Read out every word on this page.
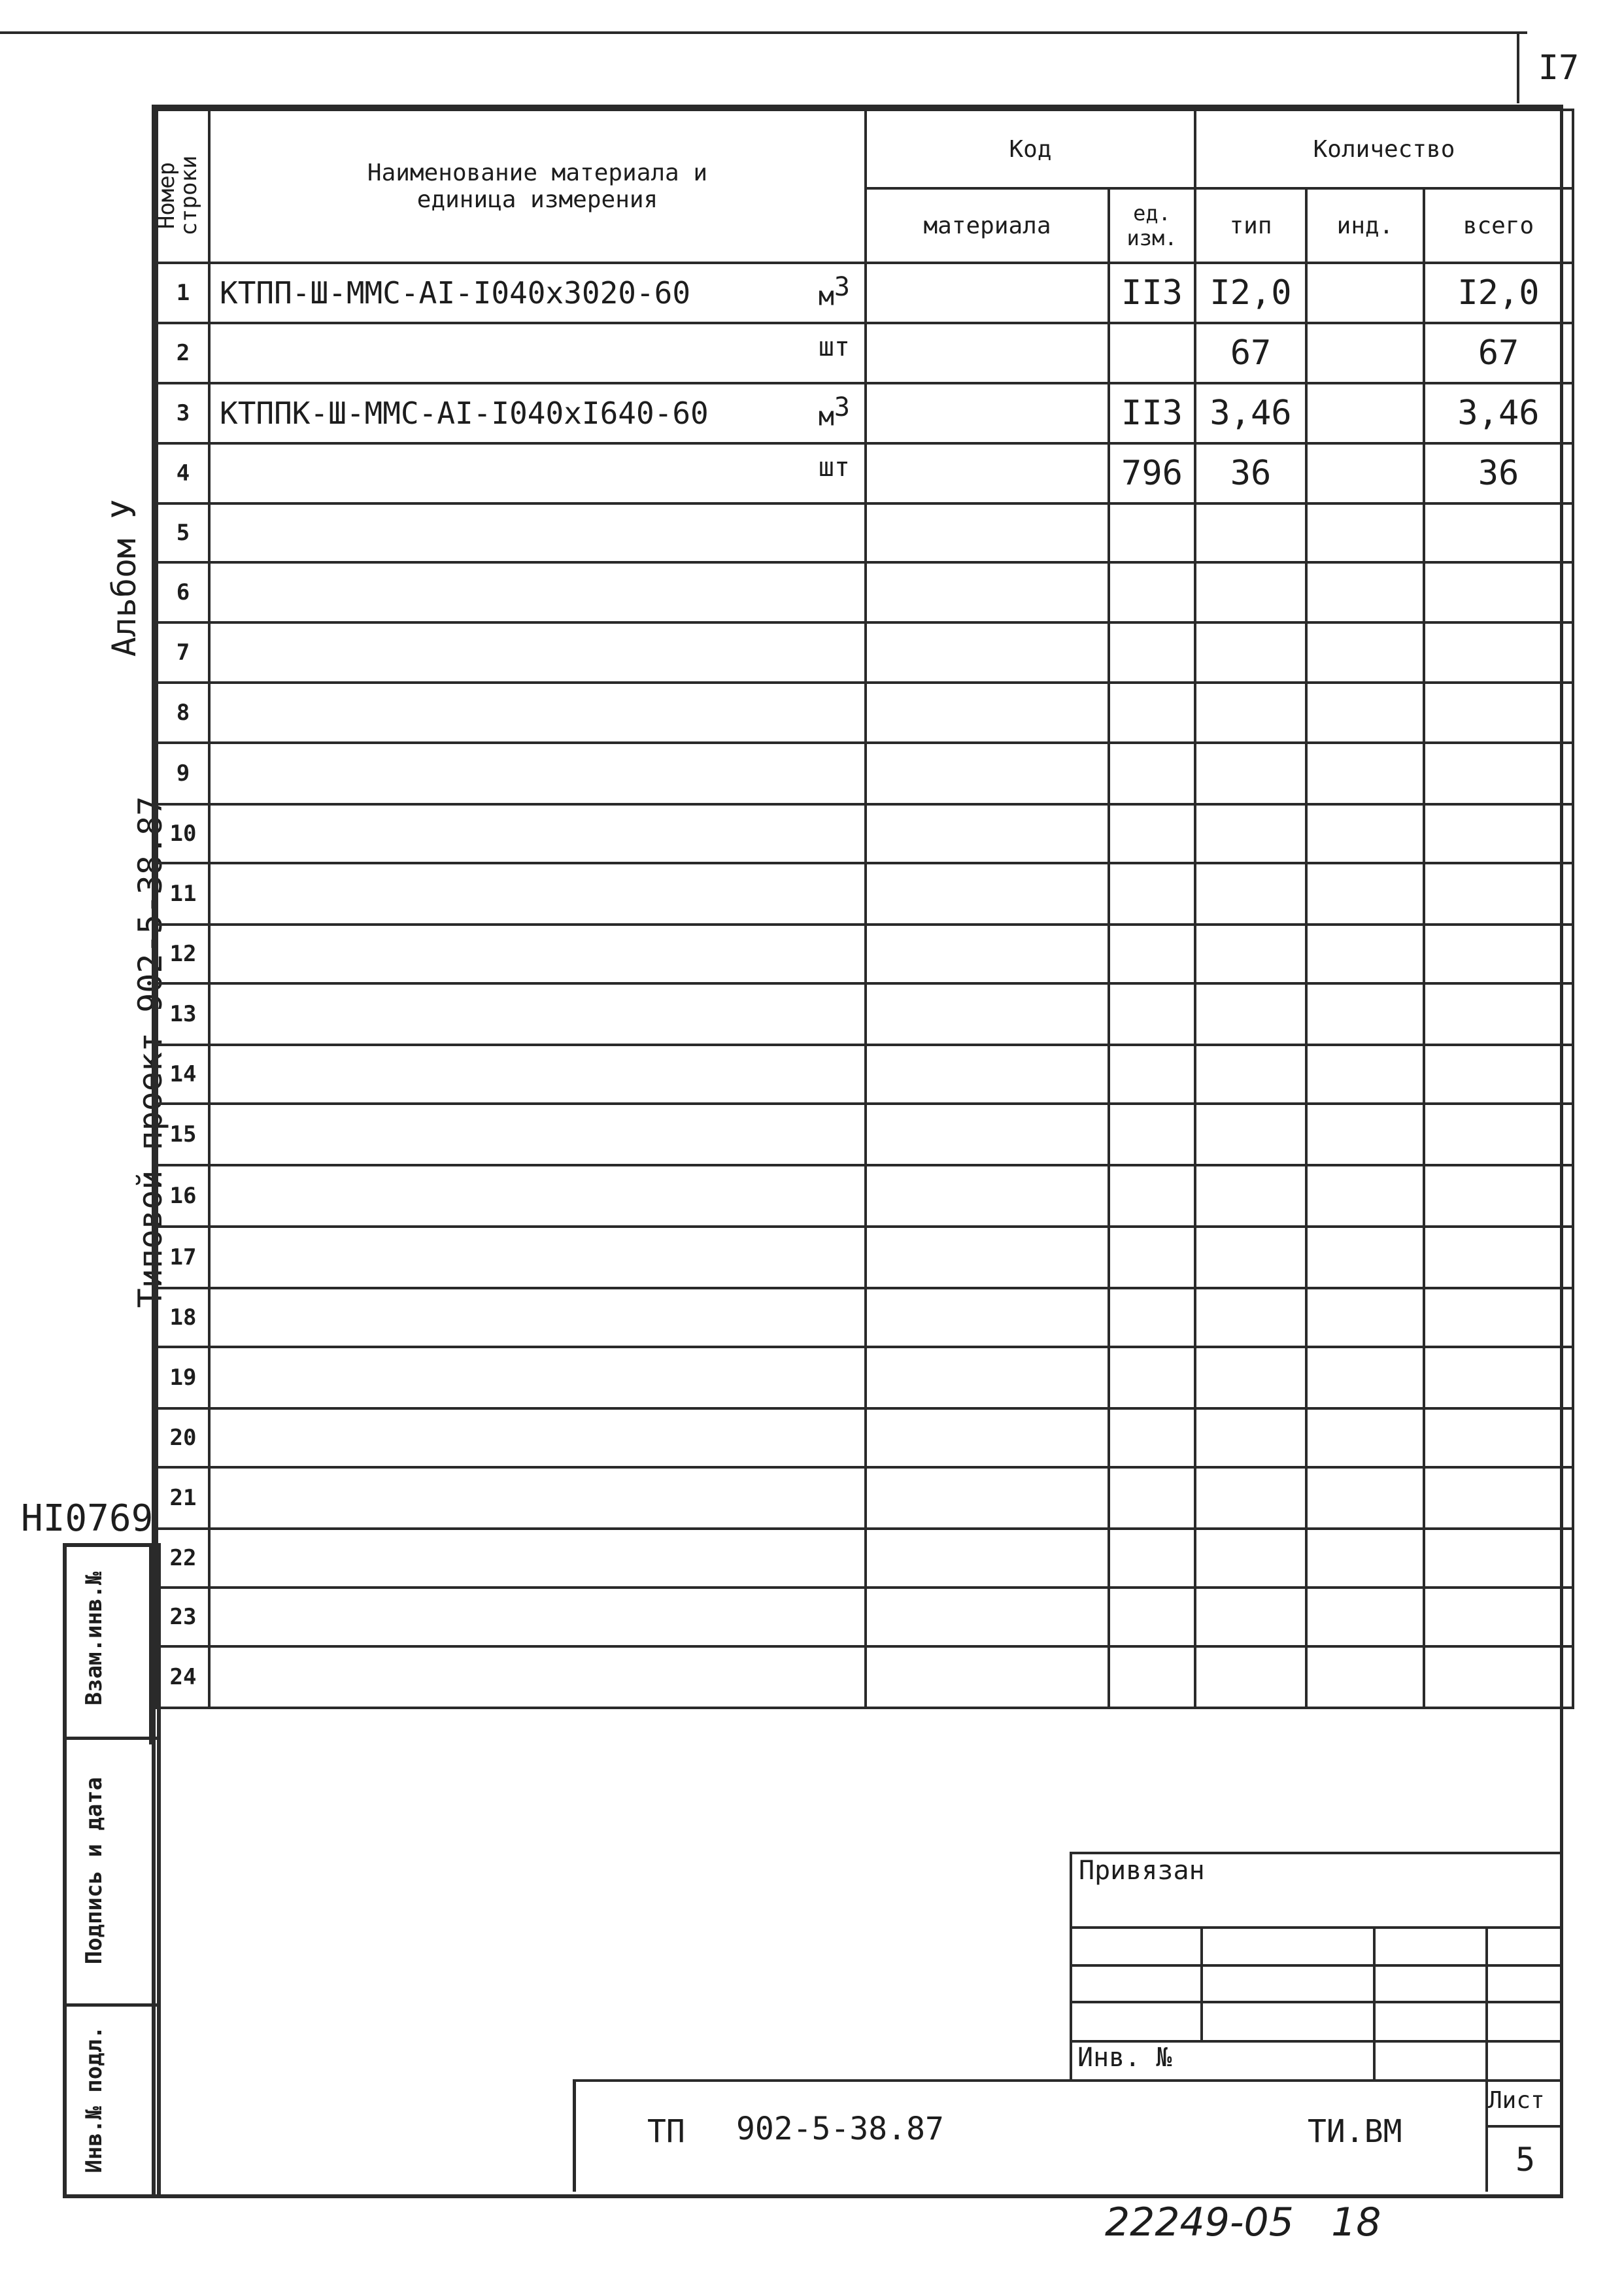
I7
Альбом У
Типовой проект 902-5-38.87
HI0769
Взам.инв.№
Подпись и дата
Инв.№ подл.
Номер строки	Наименование материала и единица измерения	Код		Количество		
		материала	ед. изм.	тип	инд.	всего
1	КТПП-Ш-ММС-АI-I040х3020-60 $м^3$		II3	I2,0		I2,0
2	шт			67		67
3	КТППК-Ш-ММС-АI-I040хI640-60 $м^3$		II3	3,46		3,46
4	шт		796	36		36
5						
6						
7						
8						
9						
10						
11						
12						
13						
14						
15						
16						
17						
18						
19						
20						
21						
22						
23						
24						
Привязан
Инв. №
ТП 902-5-38.87	ТИ.ВМ
Лист
5
22249-05   18
